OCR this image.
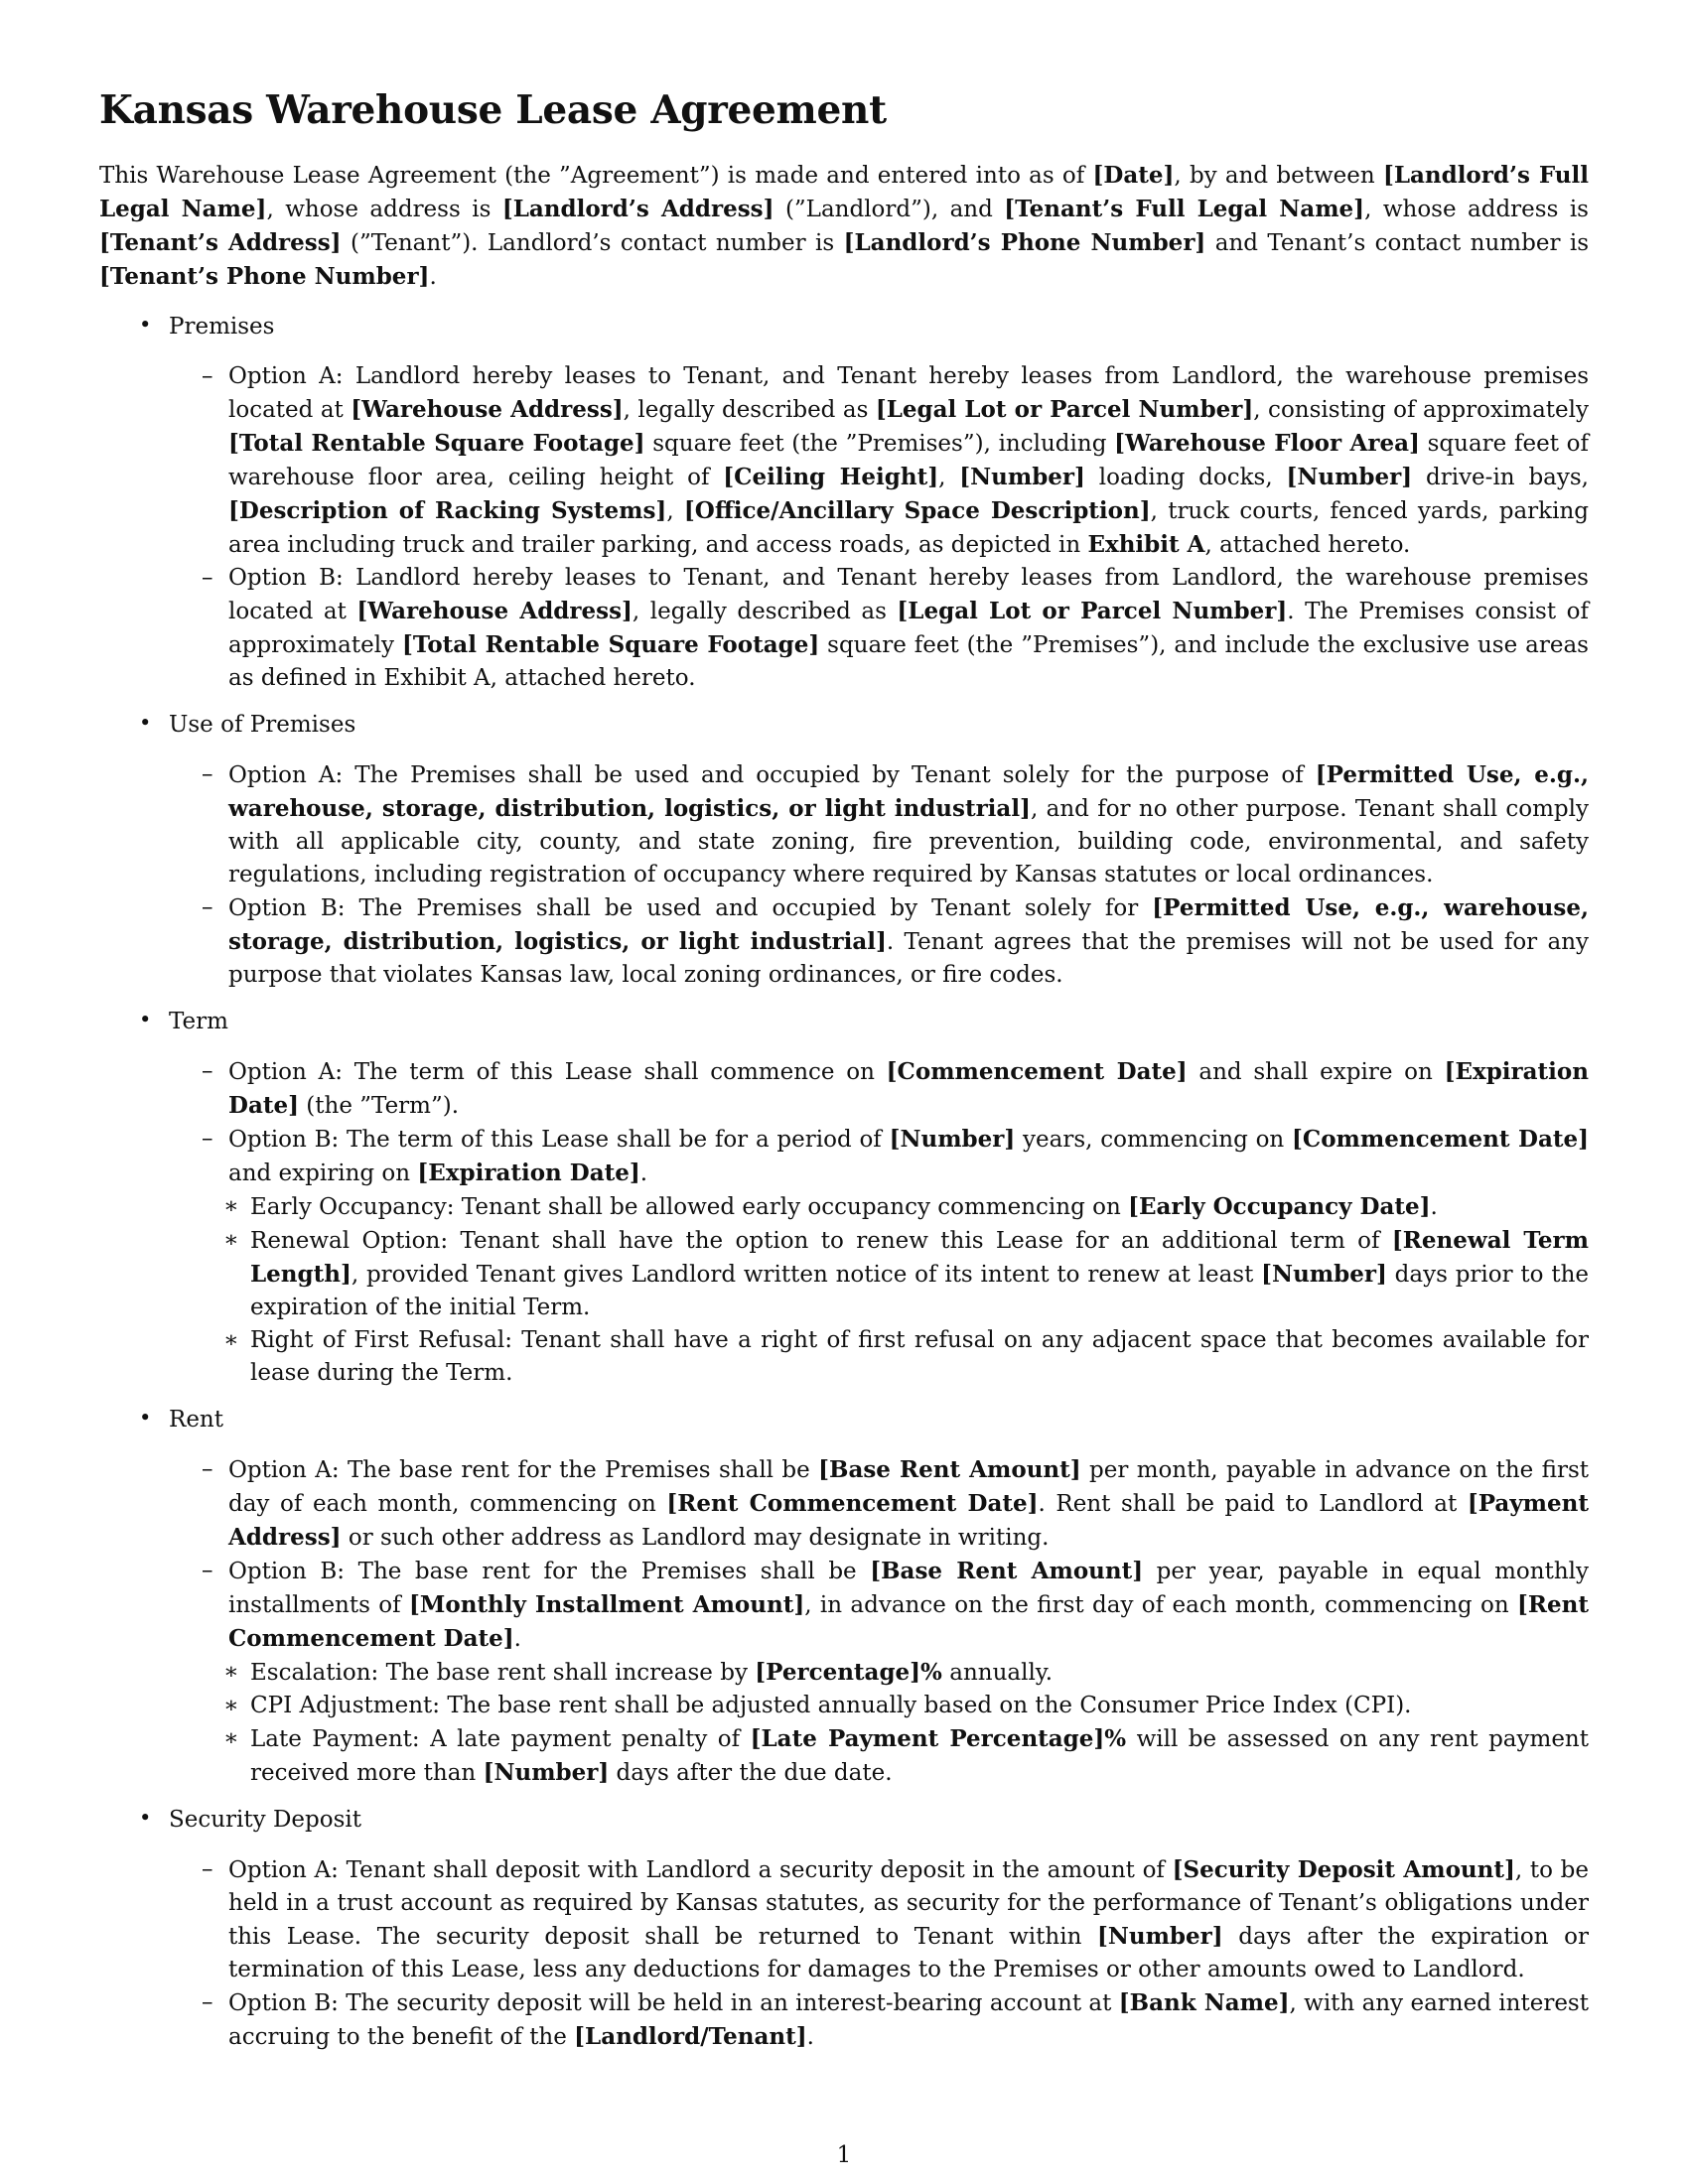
Kansas Warehouse Lease Agreement

This Warehouse Lease Agreement (the ”Agreement”) is made and entered into as of [Date], by and between [Landlord’s Full Legal Name], whose address is [Landlord’s Address] (”Landlord”), and [Tenant’s Full Legal Name], whose address is [Tenant’s Address] (”Tenant”). Landlord’s contact number is [Landlord’s Phone Number] and Tenant’s contact number is [Tenant’s Phone Number].

• Premises

– Option A: Landlord hereby leases to Tenant, and Tenant hereby leases from Landlord, the warehouse premises located at [Warehouse Address], legally described as [Legal Lot or Parcel Number], consisting of approximately [Total Rentable Square Footage] square feet (the ”Premises”), including [Warehouse Floor Area] square feet of warehouse floor area, ceiling height of [Ceiling Height], [Number] loading docks, [Number] drive-in bays, [Description of Racking Systems], [Office/Ancillary Space Description], truck courts, fenced yards, parking area including truck and trailer parking, and access roads, as depicted in Exhibit A, attached hereto.

– Option B: Landlord hereby leases to Tenant, and Tenant hereby leases from Landlord, the warehouse premises located at [Warehouse Address], legally described as [Legal Lot or Parcel Number]. The Premises consist of approximately [Total Rentable Square Footage] square feet (the ”Premises”), and include the exclusive use areas as defined in Exhibit A, attached hereto.

• Use of Premises

– Option A: The Premises shall be used and occupied by Tenant solely for the purpose of [Permitted Use, e.g., warehouse, storage, distribution, logistics, or light industrial], and for no other purpose. Tenant shall comply with all applicable city, county, and state zoning, fire prevention, building code, environmental, and safety regulations, including registration of occupancy where required by Kansas statutes or local ordinances.

– Option B: The Premises shall be used and occupied by Tenant solely for [Permitted Use, e.g., warehouse, storage, distribution, logistics, or light industrial]. Tenant agrees that the premises will not be used for any purpose that violates Kansas law, local zoning ordinances, or fire codes.

• Term

– Option A: The term of this Lease shall commence on [Commencement Date] and shall expire on [Expiration Date] (the ”Term”).

– Option B: The term of this Lease shall be for a period of [Number] years, commencing on [Commencement Date] and expiring on [Expiration Date].

∗ Early Occupancy: Tenant shall be allowed early occupancy commencing on [Early Occupancy Date].

∗ Renewal Option: Tenant shall have the option to renew this Lease for an additional term of [Renewal Term Length], provided Tenant gives Landlord written notice of its intent to renew at least [Number] days prior to the expiration of the initial Term.

∗ Right of First Refusal: Tenant shall have a right of first refusal on any adjacent space that becomes available for lease during the Term.

• Rent

– Option A: The base rent for the Premises shall be [Base Rent Amount] per month, payable in advance on the first day of each month, commencing on [Rent Commencement Date]. Rent shall be paid to Landlord at [Payment Address] or such other address as Landlord may designate in writing.

– Option B: The base rent for the Premises shall be [Base Rent Amount] per year, payable in equal monthly installments of [Monthly Installment Amount], in advance on the first day of each month, commencing on [Rent Commencement Date].

∗ Escalation: The base rent shall increase by [Percentage]% annually.

∗ CPI Adjustment: The base rent shall be adjusted annually based on the Consumer Price Index (CPI).

∗ Late Payment: A late payment penalty of [Late Payment Percentage]% will be assessed on any rent payment received more than [Number] days after the due date.

• Security Deposit

– Option A: Tenant shall deposit with Landlord a security deposit in the amount of [Security Deposit Amount], to be held in a trust account as required by Kansas statutes, as security for the performance of Tenant’s obligations under this Lease. The security deposit shall be returned to Tenant within [Number] days after the expiration or termination of this Lease, less any deductions for damages to the Premises or other amounts owed to Landlord.

– Option B: The security deposit will be held in an interest-bearing account at [Bank Name], with any earned interest accruing to the benefit of the [Landlord/Tenant].

1
